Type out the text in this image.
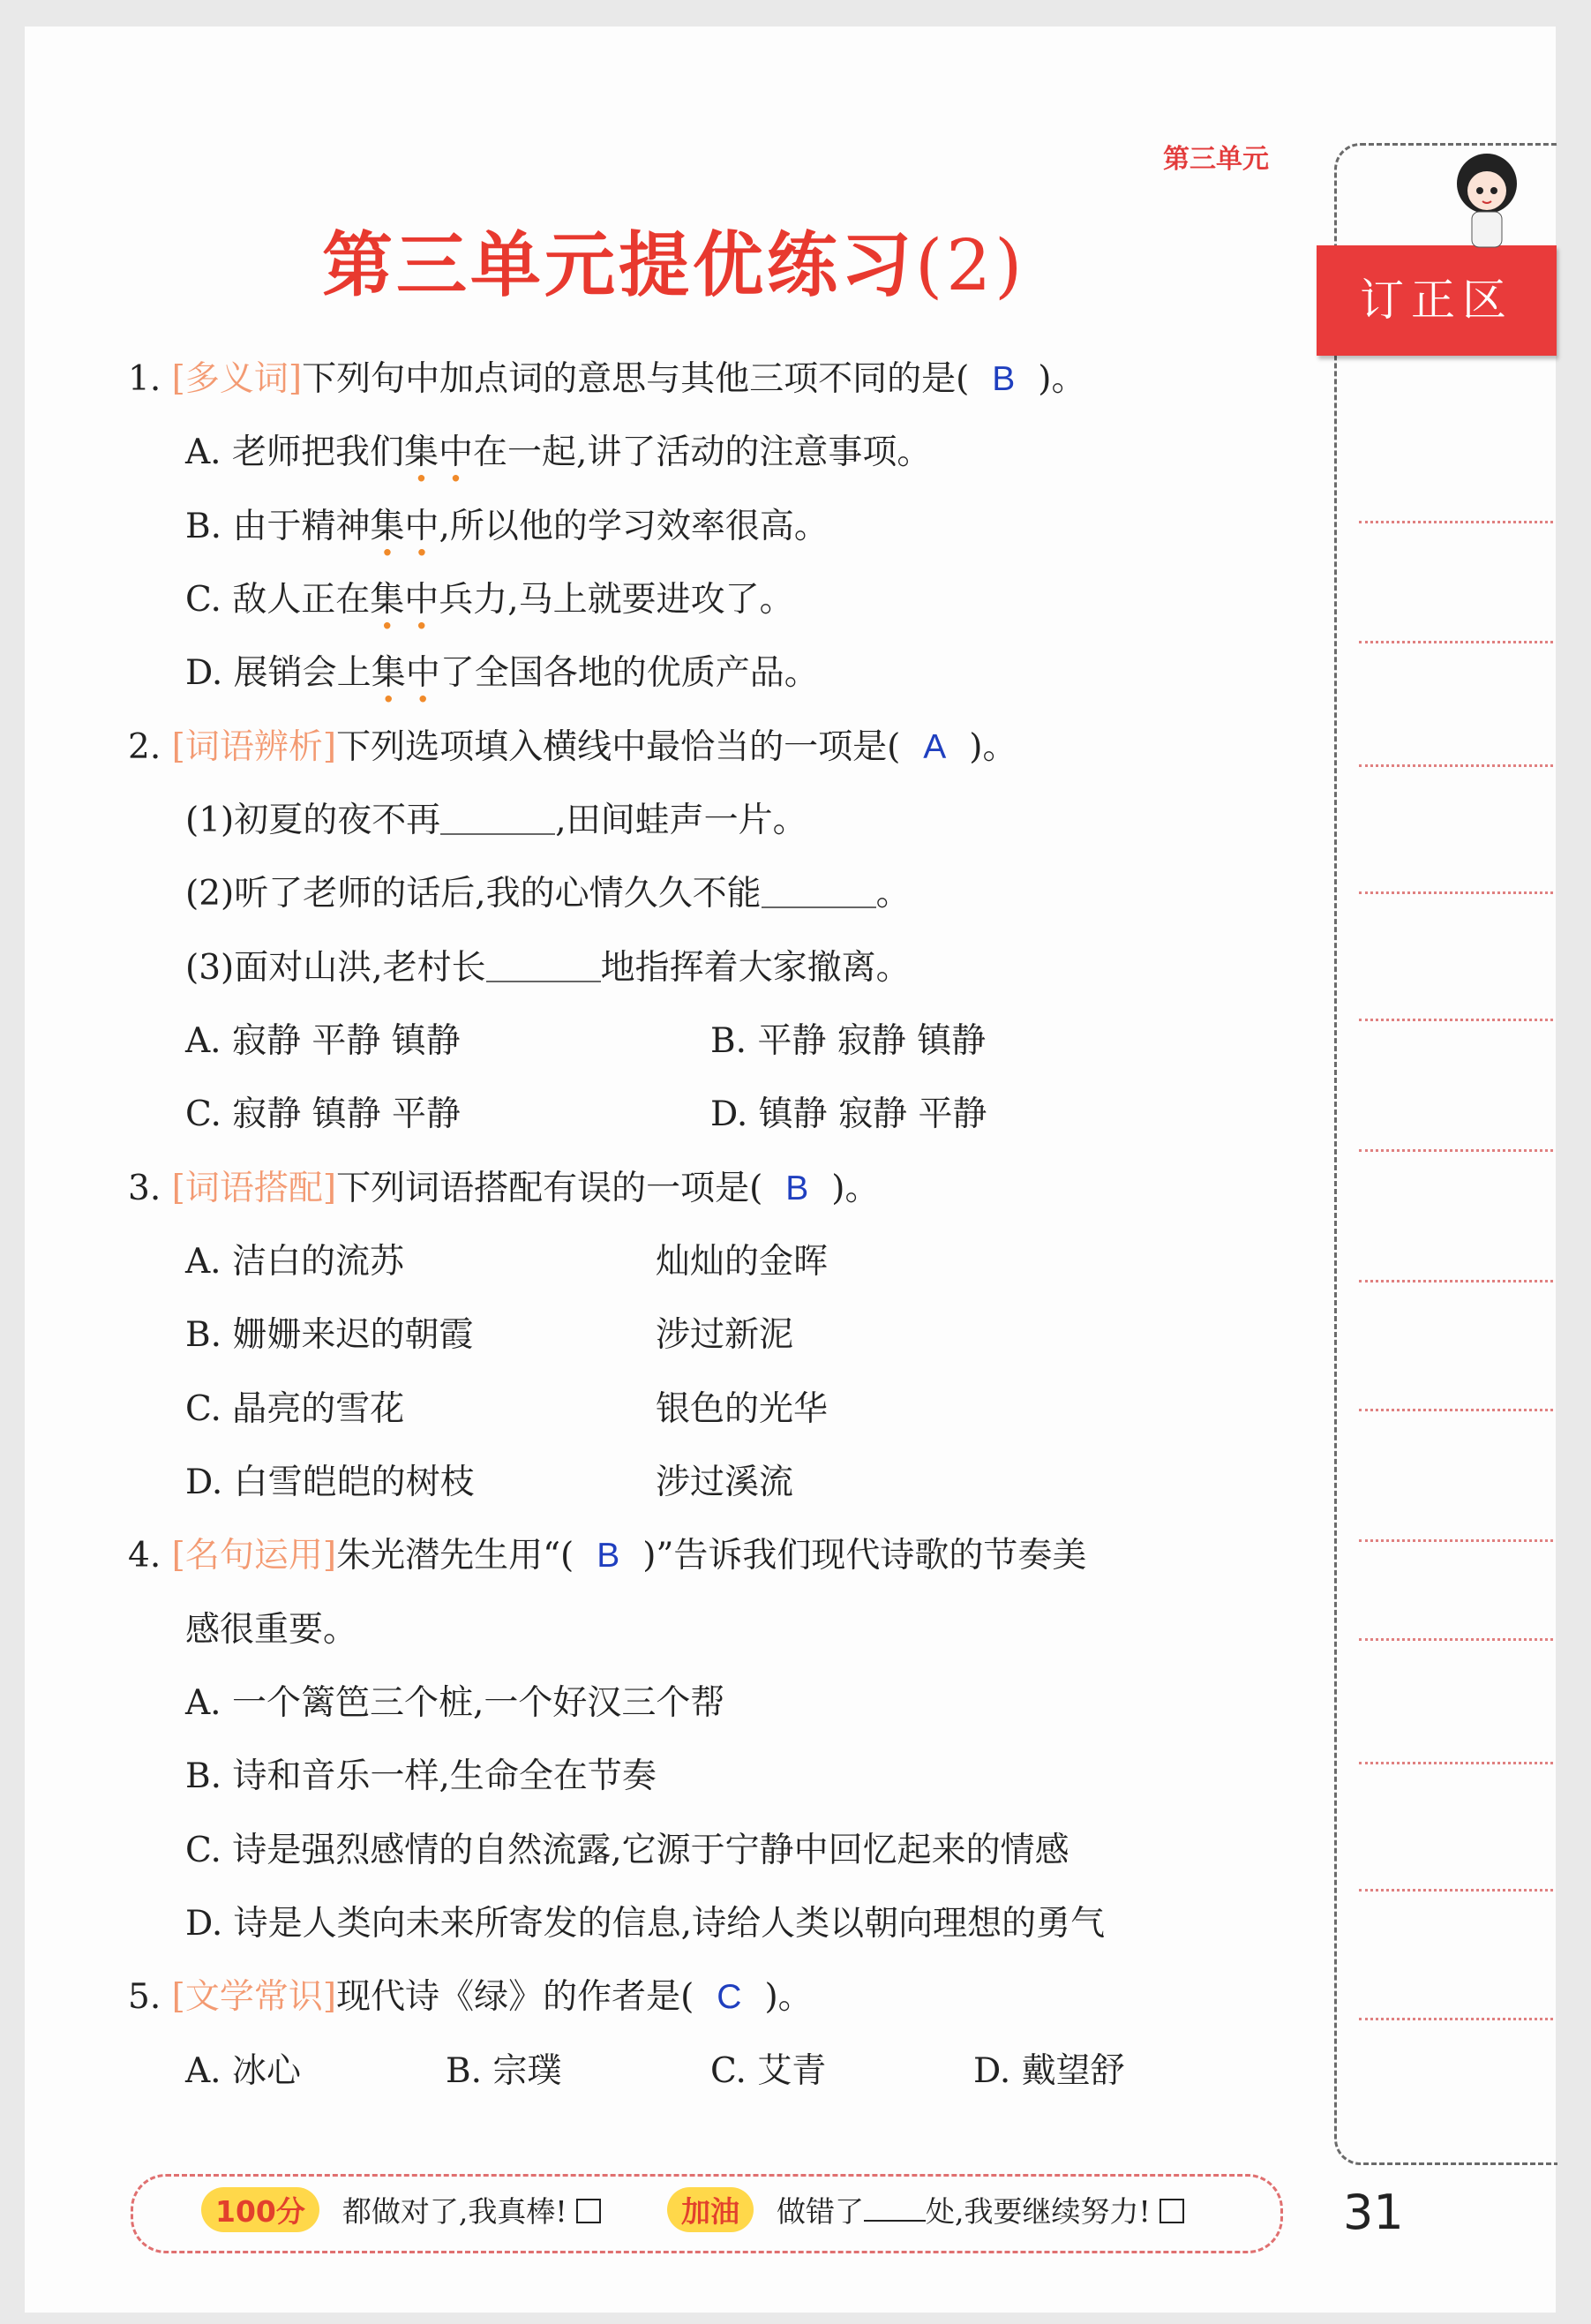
第三单元
第三单元提优练习(2)	订正区
1. [多义词]下列句中加点词的意思与其他三项不同的是( B )。
A. 老师把我们集中在一起,讲了活动的注意事项。
B. 由于精神集中,所以他的学习效率很高。
C. 敌人正在集中兵力,马上就要进攻了。
D. 展销会上集中了全国各地的优质产品。
2. [词语辨析]下列选项填入横线中最恰当的一项是( A )。
(1)初夏的夜不再	,田间蛙声一片。
(2)听了老师的话后,我的心情久久不能	。
(3)面对山洪,老村长	地指挥着大家撤离。
A. 寂静 平静 镇静	B. 平静 寂静 镇静
C. 寂静 镇静 平静	D. 镇静 寂静 平静
3. [词语搭配]下列词语搭配有误的一项是( B )。
A. 洁白的流苏	灿灿的金晖
B. 姗姗来迟的朝霞	涉过新泥
C. 晶亮的雪花	银色的光华
D. 白雪皑皑的树枝	涉过溪流
4. [名句运用]朱光潜先生用“( B )”告诉我们现代诗歌的节奏美
感很重要。
A. 一个篱笆三个桩,一个好汉三个帮
B. 诗和音乐一样,生命全在节奏
C. 诗是强烈感情的自然流露,它源于宁静中回忆起来的情感
D. 诗是人类向未来所寄发的信息,诗给人类以朝向理想的勇气
5. [文学常识]现代诗《绿》的作者是( C )。
A. 冰心	B. 宗璞	C. 艾青	D. 戴望舒
100分 都做对了,我真棒!	加油 做错了 处,我要继续努力!	31
